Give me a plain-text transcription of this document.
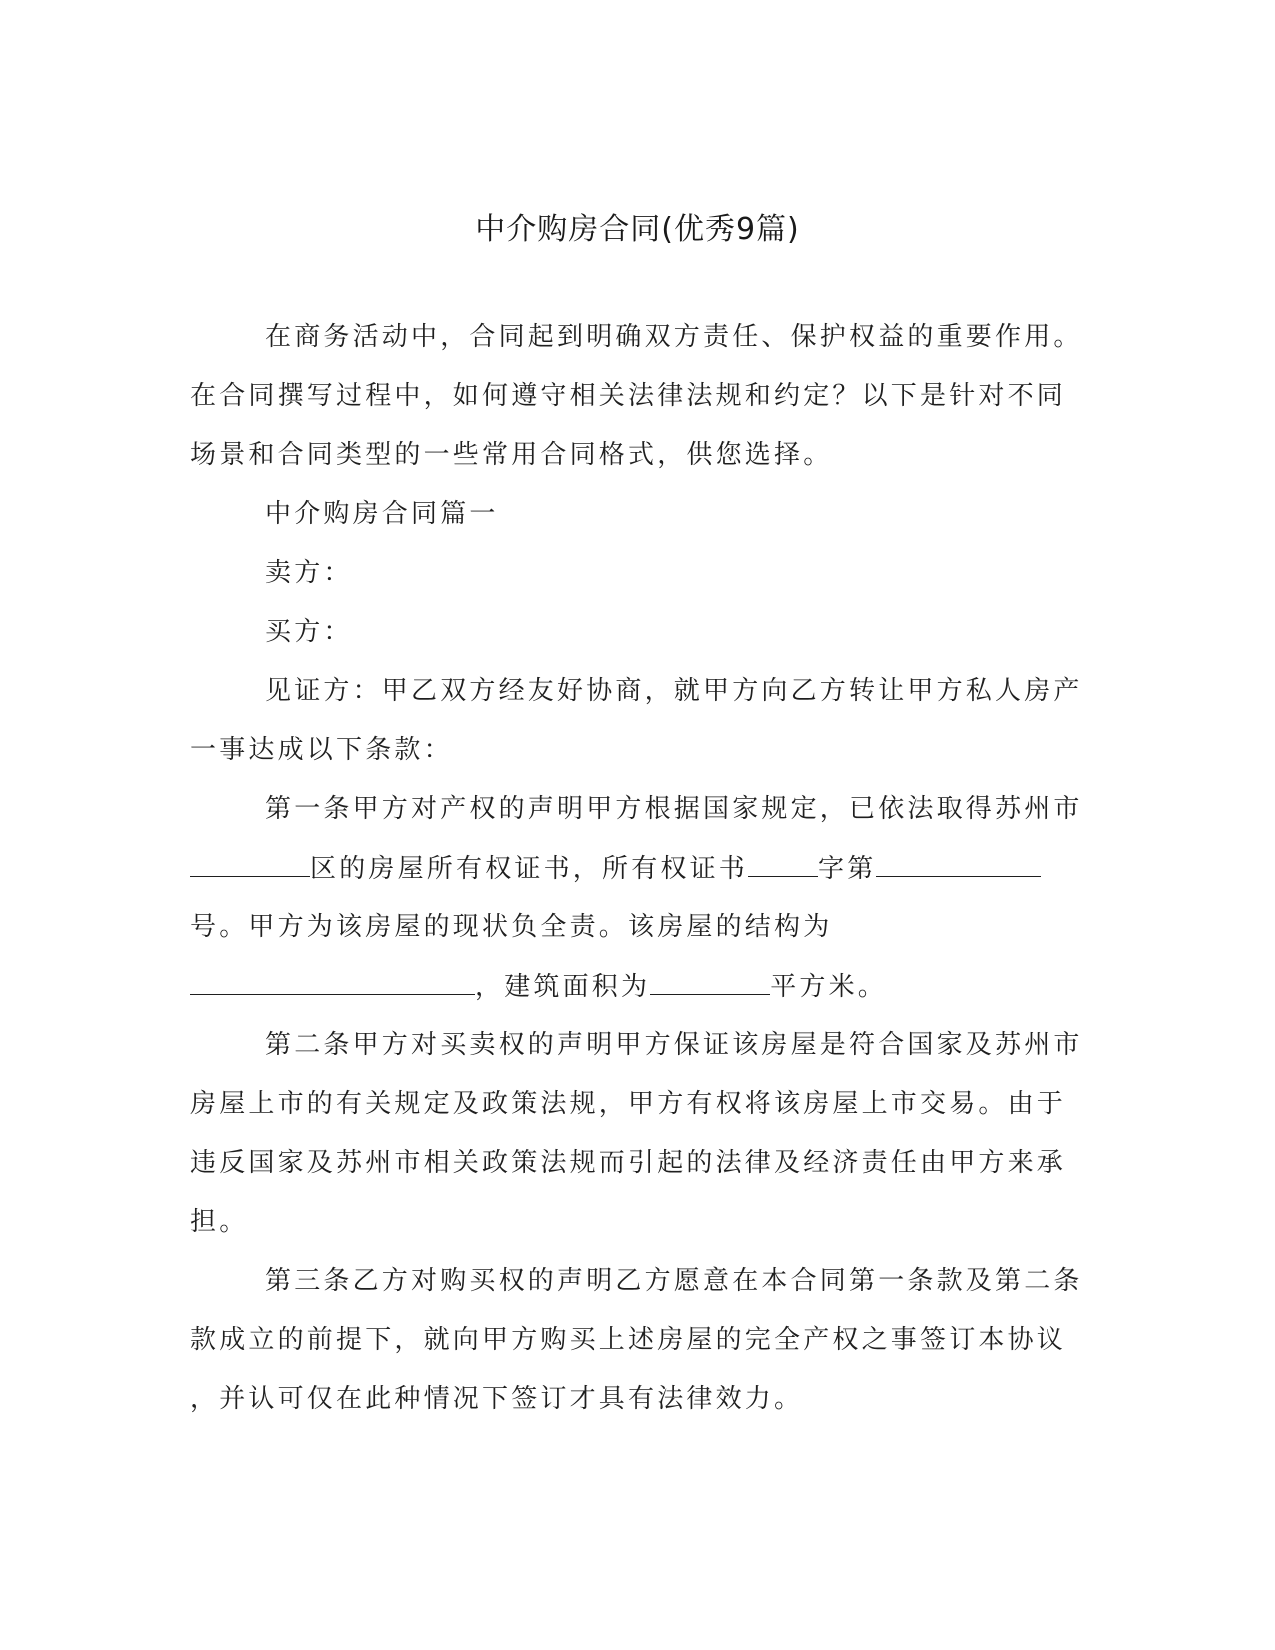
中介购房合同(优秀9篇)
在商务活动中，合同起到明确双方责任、保护权益的重要作用。
在合同撰写过程中，如何遵守相关法律法规和约定？以下是针对不同
场景和合同类型的一些常用合同格式，供您选择。
中介购房合同篇一
卖方：
买方：
见证方：甲乙双方经友好协商，就甲方向乙方转让甲方私人房产
一事达成以下条款：
第一条甲方对产权的声明甲方根据国家规定，已依法取得苏州市
区的房屋所有权证书，所有权证书	字第
号。甲方为该房屋的现状负全责。该房屋的结构为
，建筑面积为	平方米。
第二条甲方对买卖权的声明甲方保证该房屋是符合国家及苏州市
房屋上市的有关规定及政策法规，甲方有权将该房屋上市交易。由于
违反国家及苏州市相关政策法规而引起的法律及经济责任由甲方来承
担。
第三条乙方对购买权的声明乙方愿意在本合同第一条款及第二条
款成立的前提下，就向甲方购买上述房屋的完全产权之事签订本协议
，并认可仅在此种情况下签订才具有法律效力。
